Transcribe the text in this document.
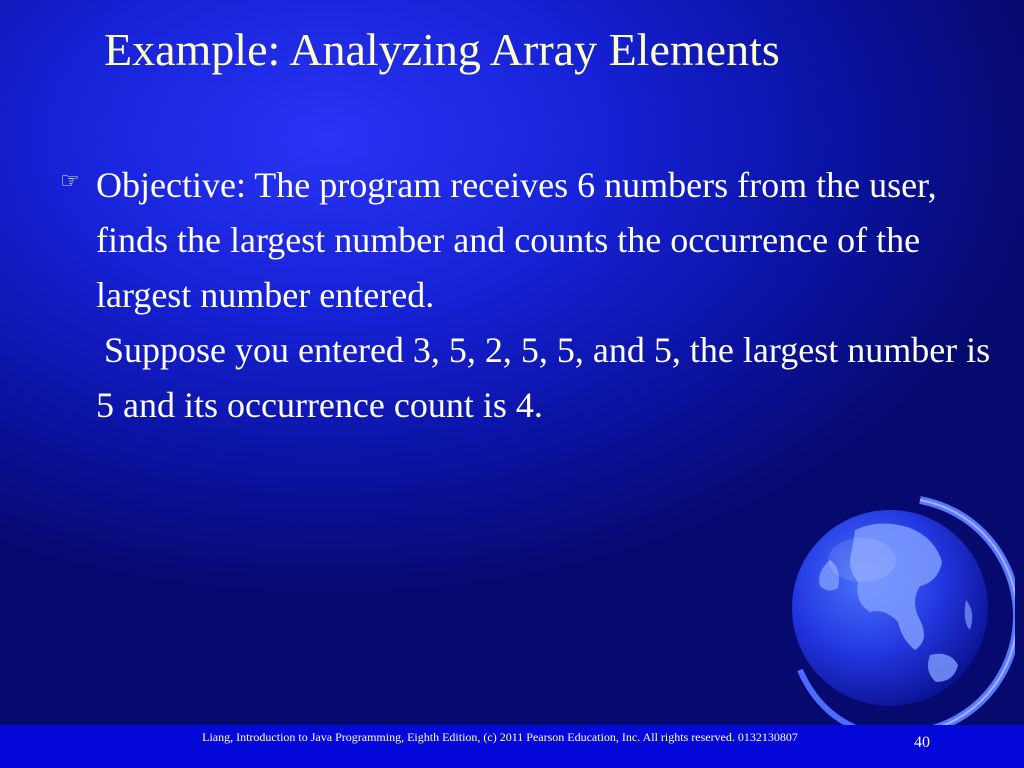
Example: Analyzing Array Elements
☞ Objective: The program receives 6 numbers from the user, finds the largest number and counts the occurrence of the largest number entered.

Suppose you entered 3, 5, 2, 5, 5, and 5, the largest number is 5 and its occurrence count is 4.

Liang, Introduction to Java Programming, Eighth Edition, (c) 2011 Pearson Education, Inc. All rights reserved. 0132130807	40
